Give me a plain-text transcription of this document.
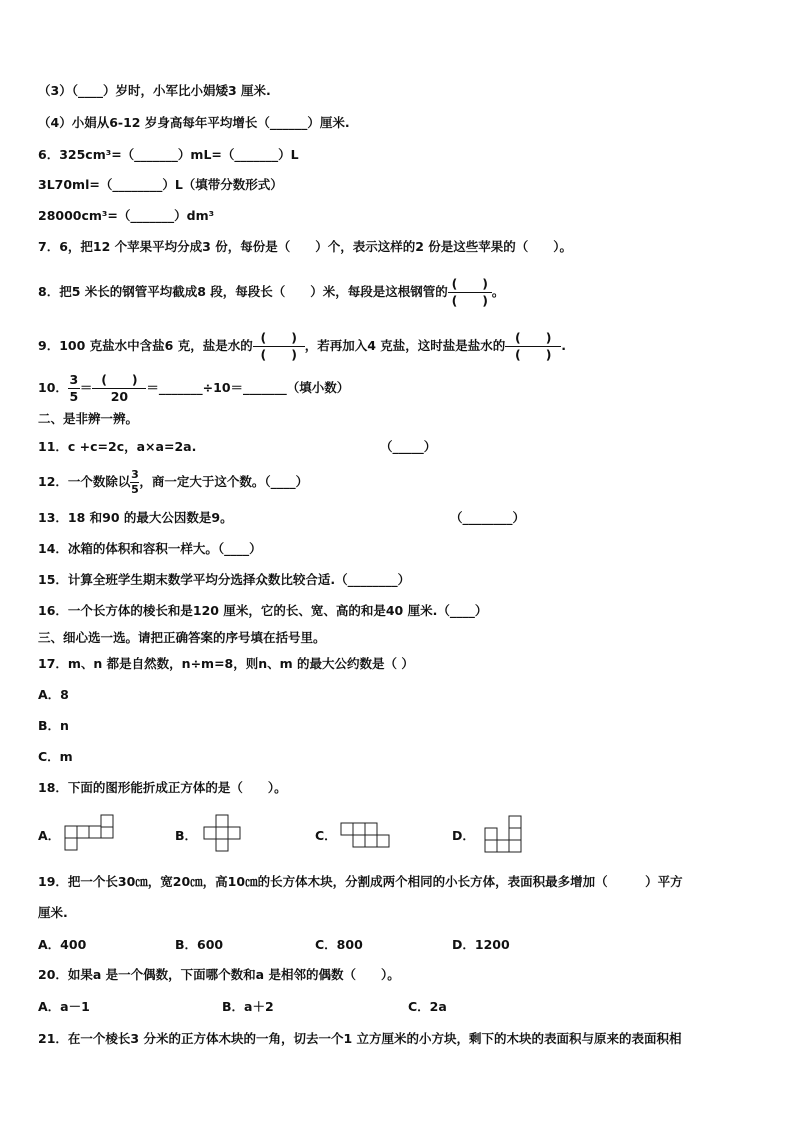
（3）（____）岁时，小军比小娟矮3 厘米.
（4）小娟从6-12 岁身高每年平均增长（______）厘米.
6．325cm³=（_______）mL=（_______）L
3L70ml=（________）L（填带分数形式）
28000cm³=（_______）dm³
7．6，把12 个苹果平均分成3 份，每份是（　　）个，表示这样的2 份是这些苹果的（　　）。
8．把5 米长的钢管平均截成8 段，每段长（　　）米，每段是这根钢管的 $\frac{( )}{( )}$ 。
9．100 克盐水中含盐6 克，盐是水的 $\frac{( )}{( )}$ ，若再加入4 克盐，这时盐是盐水的 $\frac{( )}{( )}$ .
10． $\frac{3}{5} = \frac{( )}{20}$ ＝_______÷10＝_______（填小数）
二、是非辨一辨。
11．c +c=2c，a×a=2a.	（_____）
12．一个数除以 $\frac{3}{5}$ ，商一定大于这个数。（____）
13．18 和90 的最大公因数是9。	（________）
14．冰箱的体积和容积一样大。（____）
15．计算全班学生期末数学平均分选择众数比较合适.（________）
16．一个长方体的棱长和是120 厘米，它的长、宽、高的和是40 厘米.（____）
三、细心选一选。请把正确答案的序号填在括号里。
17．m、n 都是自然数，n÷m=8，则n、m 的最大公约数是（ ）
A．8
B．n
C．m
18．下面的图形能折成正方体的是（　　）。
A．	B．	C．	D．
19．把一个长30㎝，宽20㎝，高10㎝的长方体木块，分割成两个相同的小长方体，表面积最多增加（　　　）平方
厘米.
A．400	B．600	C．800	D．1200
20．如果a 是一个偶数，下面哪个数和a 是相邻的偶数（　　）。
A．a－1	B．a＋2	C．2a
21．在一个棱长3 分米的正方体木块的一角，切去一个1 立方厘米的小方块，剩下的木块的表面积与原来的表面积相
